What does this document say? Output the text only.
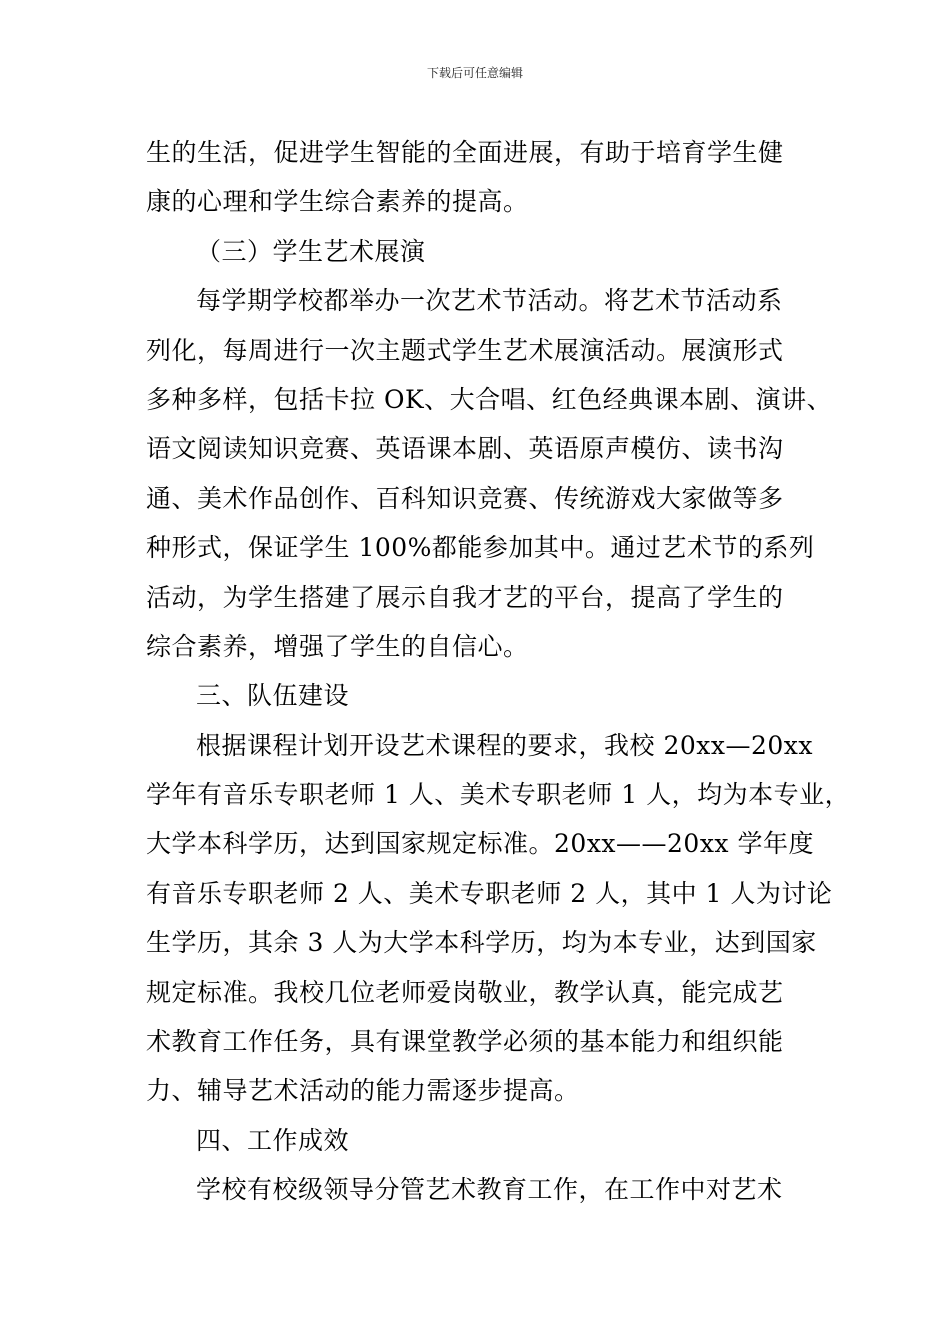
下载后可任意编辑
生的生活，促进学生智能的全面进展，有助于培育学生健
康的心理和学生综合素养的提高。
（三）学生艺术展演
每学期学校都举办一次艺术节活动。将艺术节活动系
列化，每周进行一次主题式学生艺术展演活动。展演形式
多种多样，包括卡拉 OK、大合唱、红色经典课本剧、演讲、
语文阅读知识竞赛、英语课本剧、英语原声模仿、读书沟
通、美术作品创作、百科知识竞赛、传统游戏大家做等多
种形式，保证学生 100%都能参加其中。通过艺术节的系列
活动，为学生搭建了展示自我才艺的平台，提高了学生的
综合素养，增强了学生的自信心。
三、队伍建设
根据课程计划开设艺术课程的要求，我校 20xx—20xx
学年有音乐专职老师 1 人、美术专职老师 1 人，均为本专业，
大学本科学历，达到国家规定标准。20xx——20xx 学年度
有音乐专职老师 2 人、美术专职老师 2 人，其中 1 人为讨论
生学历，其余 3 人为大学本科学历，均为本专业，达到国家
规定标准。我校几位老师爱岗敬业，教学认真，能完成艺
术教育工作任务，具有课堂教学必须的基本能力和组织能
力、辅导艺术活动的能力需逐步提高。
四、工作成效
学校有校级领导分管艺术教育工作，在工作中对艺术
